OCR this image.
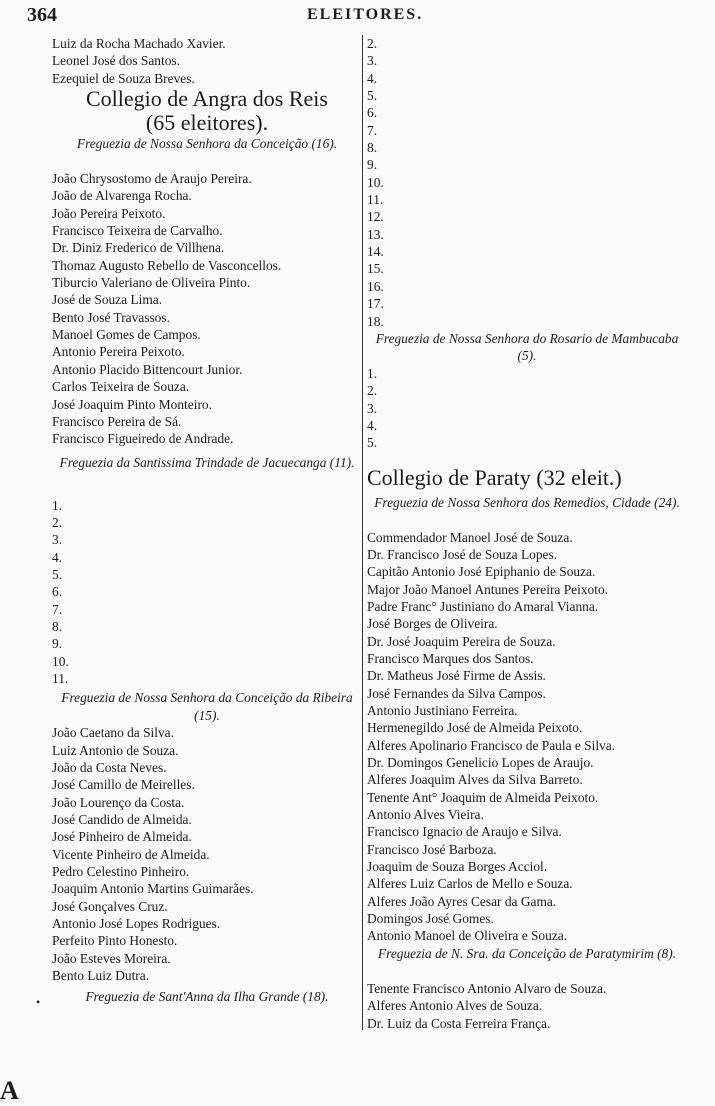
364	ELEITORES.
Luiz da Rocha Machado Xavier.
Leonel José dos Santos.
Ezequiel de Souza Breves.
Collegio de Angra dos Reis
(65 eleitores).
Freguezia de Nossa Senhora da Conceição (16).
João Chrysostomo de Araujo Pereira.
João de Alvarenga Rocha.
João Pereira Peixoto.
Francisco Teixeira de Carvalho.
Dr. Diniz Frederico de Villhena.
Thomaz Augusto Rebello de Vasconcellos.
Tiburcio Valeriano de Oliveira Pinto.
José de Souza Lima.
Bento José Travassos.
Manoel Gomes de Campos.
Antonio Pereira Peixoto.
Antonio Placido Bittencourt Junior.
Carlos Teixeira de Souza.
José Joaquim Pinto Monteiro.
Francisco Pereira de Sá.
Francisco Figueiredo de Andrade.
Freguezia da Santissima Trindade de Jacuecanga (11).
1.
2.
3.
4.
5.
6.
7.
8.
9.
10.
11.
Freguezia de Nossa Senhora da Conceição da Ribeira (15).
João Caetano da Silva.
Luiz Antonio de Souza.
João da Costa Neves.
José Camillo de Meirelles.
João Lourenço da Costa.
José Candido de Almeida.
José Pinheiro de Almeida.
Vicente Pinheiro de Almeida.
Pedro Celestino Pinheiro.
Joaquim Antonio Martins Guimarães.
José Gonçalves Cruz.
Antonio José Lopes Rodrigues.
Perfeito Pinto Honesto.
João Esteves Moreira.
Bento Luiz Dutra.
Freguezia de Sant'Anna da Ilha Grande (18).
2.
3.
4.
5.
6.
7.
8.
9.
10.
11.
12.
13.
14.
15.
16.
17.
18.
Freguezia de Nossa Senhora do Rosario de Mambucaba (5).
1.
2.
3.
4.
5.
Collegio de Paraty (32 eleit.)
Freguezia de Nossa Senhora dos Remedios, Cidade (24).
Commendador Manoel José de Souza.
Dr. Francisco José de Souza Lopes.
Capitão Antonio José Epiphanio de Souza.
Major João Manoel Antunes Pereira Peixoto.
Padre Franc° Justiniano do Amaral Vianna.
José Borges de Oliveira.
Dr. José Joaquim Pereira de Souza.
Francisco Marques dos Santos.
Dr. Matheus José Firme de Assis.
José Fernandes da Silva Campos.
Antonio Justiniano Ferreira.
Hermenegildo José de Almeida Peixoto.
Alferes Apolinario Francisco de Paula e Silva.
Dr. Domingos Genelicio Lopes de Araujo.
Alferes Joaquim Alves da Silva Barreto.
Tenente Ant° Joaquim de Almeida Peixoto.
Antonio Alves Vieira.
Francisco Ignacio de Araujo e Silva.
Francisco José Barboza.
Joaquim de Souza Borges Acciol.
Alferes Luiz Carlos de Mello e Souza.
Alferes João Ayres Cesar da Gama.
Domingos José Gomes.
Antonio Manoel de Oliveira e Souza.
Freguezia de N. Sra. da Conceição de Paratymirim (8).
Tenente Francisco Antonio Alvaro de Souza.
Alferes Antonio Alves de Souza.
Dr. Luiz da Costa Ferreira França.
•
A
